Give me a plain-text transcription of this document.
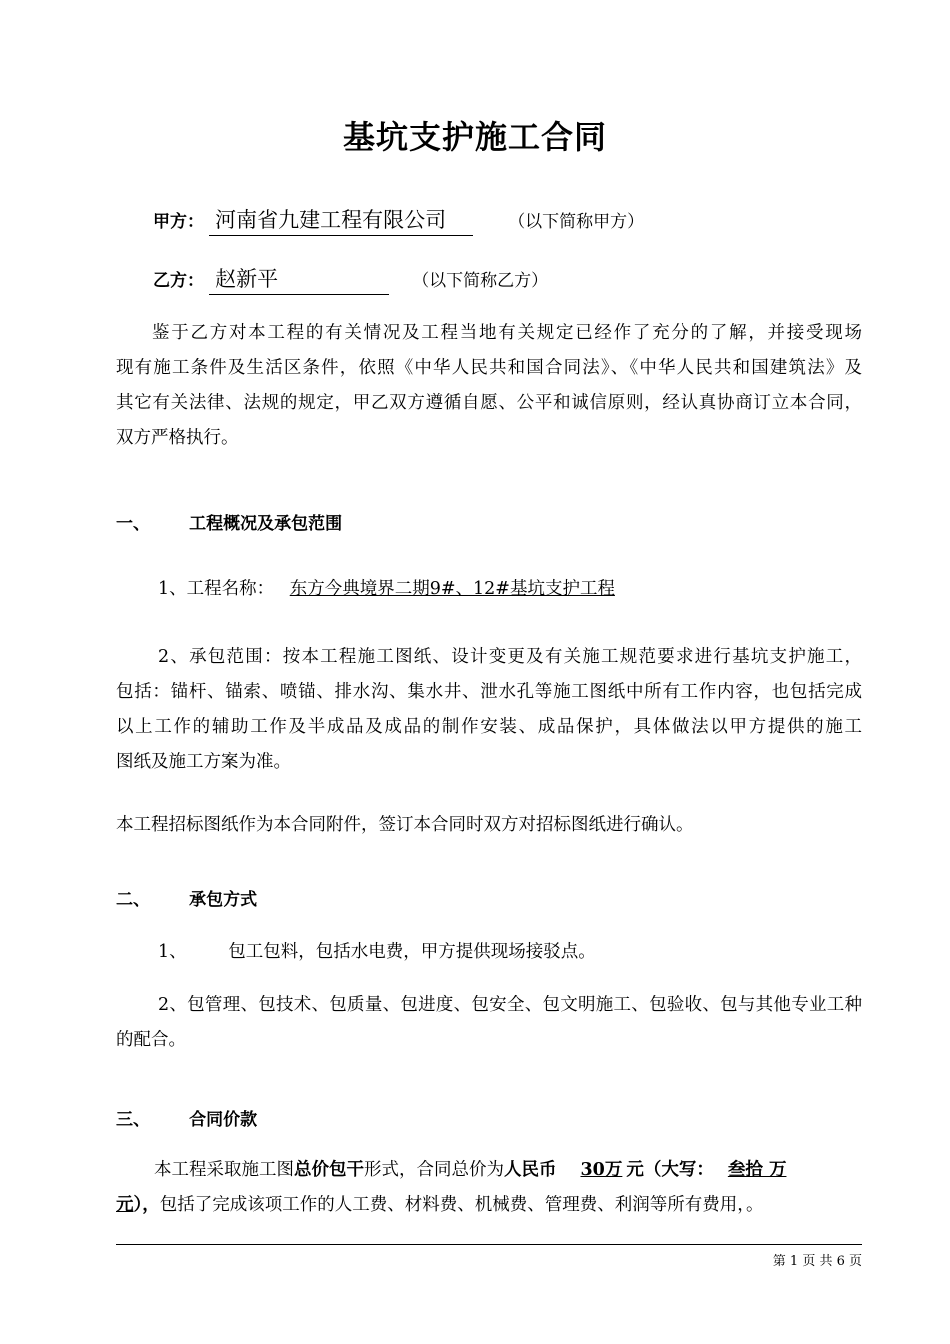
基坑支护施工合同
甲方： 河南省九建工程有限公司	（以下简称甲方）
乙方： 赵新平	（以下简称乙方）
鉴于乙方对本工程的有关情况及工程当地有关规定已经作了充分的了解，并接受现场
现有施工条件及生活区条件，依照《中华人民共和国合同法》、《中华人民共和国建筑法》及
其它有关法律、法规的规定，甲乙双方遵循自愿、公平和诚信原则，经认真协商订立本合同，
双方严格执行。
一、 工程概况及承包范围
1、工程名称： 东方今典境界二期9#、12#基坑支护工程
2、承包范围：按本工程施工图纸、设计变更及有关施工规范要求进行基坑支护施工，
包括：锚杆、锚索、喷锚、排水沟、集水井、泄水孔等施工图纸中所有工作内容，也包括完成
以上工作的辅助工作及半成品及成品的制作安装、成品保护，具体做法以甲方提供的施工
图纸及施工方案为准。
本工程招标图纸作为本合同附件，签订本合同时双方对招标图纸进行确认。
二、 承包方式
1、 包工包料，包括水电费，甲方提供现场接驳点。
2、包管理、包技术、包质量、包进度、包安全、包文明施工、包验收、包与其他专业工种
的配合。
三、 合同价款
本工程采取施工图总价包干形式，合同总价为人民币 30万 元（大写： 叁拾 万
元），包括了完成该项工作的人工费、材料费、机械费、管理费、利润等所有费用，。
第 1 页 共 6 页
